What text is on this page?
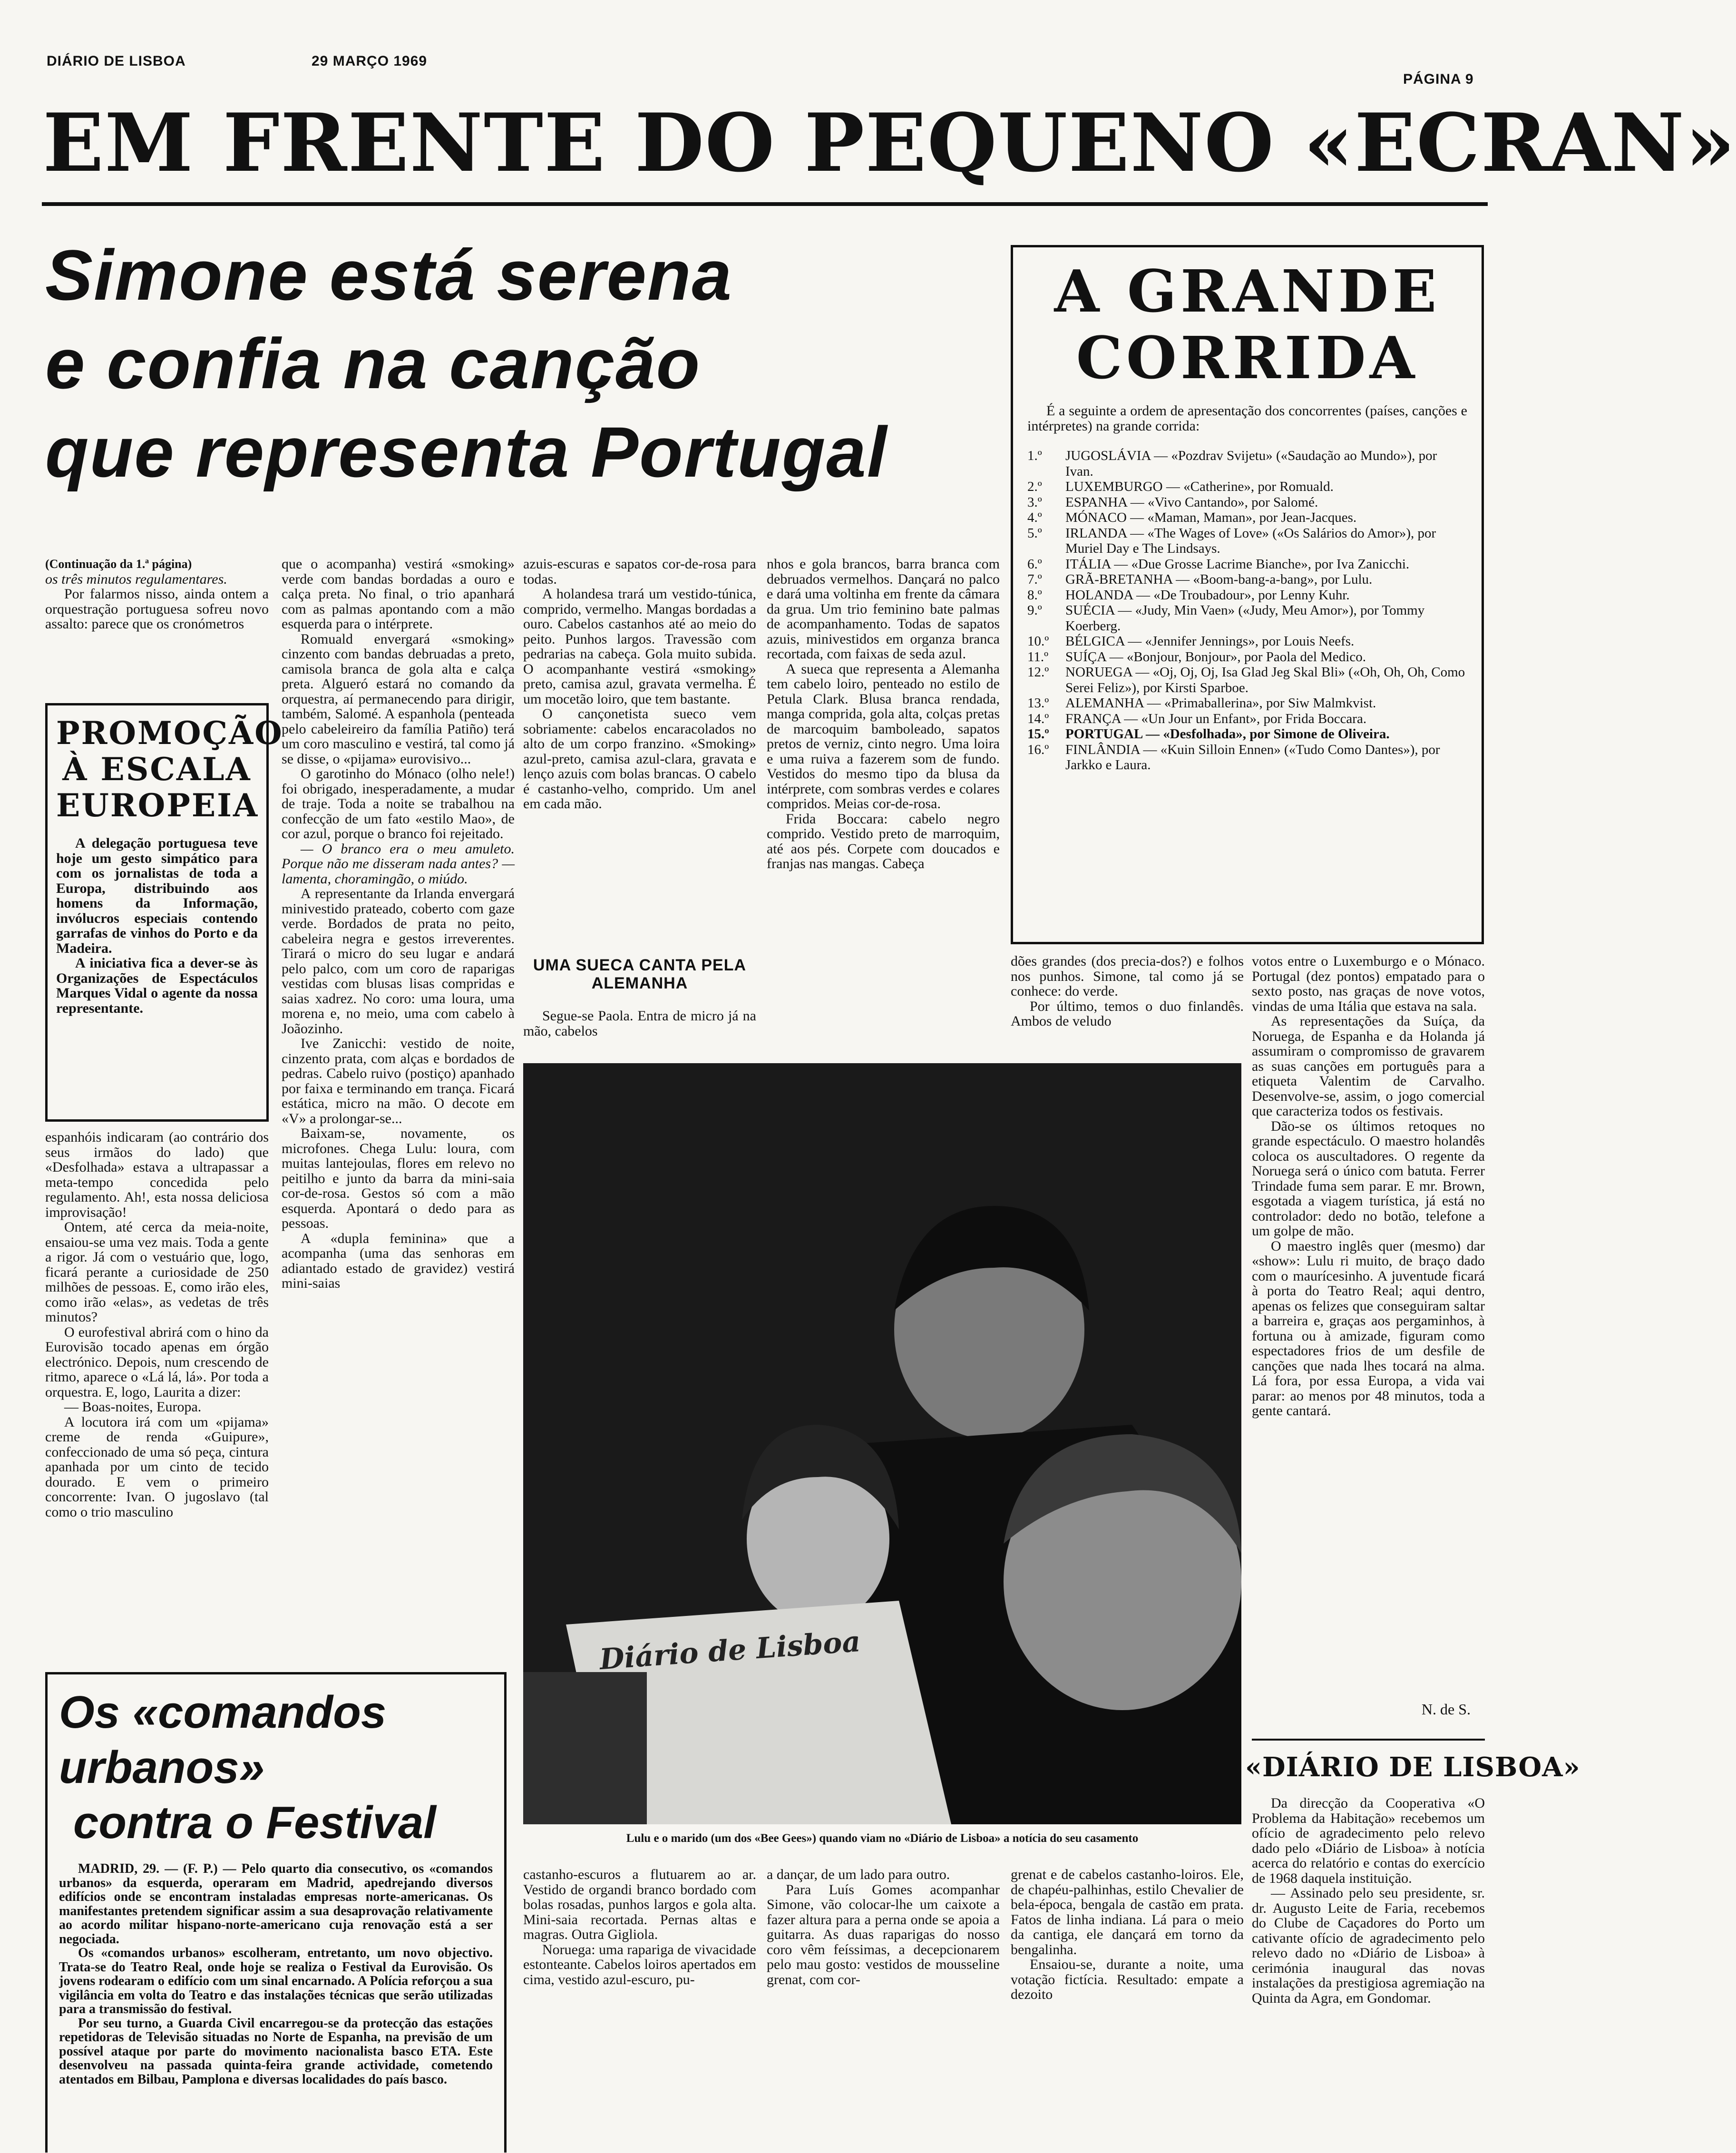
DIÁRIO DE LISBOA	29 MARÇO 1969
PÁGINA 9
EM FRENTE DO PEQUENO «ECRAN»
Simone está serena
e confia na canção
que representa Portugal

(Continuação da 1.ª página)

os três minutos regulamentares.

Por falarmos nisso, ainda ontem a orquestração portuguesa sofreu novo assalto: parece que os cronómetros

PROMOÇÃO
À ESCALA
EUROPEIA

A delegação portuguesa teve hoje um gesto simpático para com os jornalistas de toda a Europa, distribuindo aos homens da Informação, invólucros especiais contendo garrafas de vinhos do Porto e da Madeira.

A iniciativa fica a dever-se às Organizações de Espectáculos Marques Vidal o agente da nossa representante.

espanhóis indicaram (ao contrário dos seus irmãos do lado) que «Desfolhada» estava a ultrapassar a meta-tempo concedida pelo regulamento. Ah!, esta nossa deliciosa improvisação!

Ontem, até cerca da meia-noite, ensaiou-se uma vez mais. Toda a gente a rigor. Já com o vestuário que, logo, ficará perante a curiosidade de 250 milhões de pessoas. E, como irão eles, como irão «elas», as vedetas de três minutos?

O eurofestival abrirá com o hino da Eurovisão tocado apenas em órgão electrónico. Depois, num crescendo de ritmo, aparece o «Lá lá, lá». Por toda a orquestra. E, logo, Laurita a dizer:

— Boas-noites, Europa.

A locutora irá com um «pijama» creme de renda «Guipure», confeccionado de uma só peça, cintura apanhada por um cinto de tecido dourado. E vem o primeiro concorrente: Ivan. O jugoslavo (tal como o trio masculino

que o acompanha) vestirá «smoking» verde com bandas bordadas a ouro e calça preta. No final, o trio apanhará com as palmas apontando com a mão esquerda para o intérprete.

Romuald envergará «smoking» cinzento com bandas debruadas a preto, camisola branca de gola alta e calça preta. Algueró estará no comando da orquestra, aí permanecendo para dirigir, também, Salomé. A espanhola (penteada pelo cabeleireiro da família Patiño) terá um coro masculino e vestirá, tal como já se disse, o «pijama» eurovisivo...

O garotinho do Mónaco (olho nele!) foi obrigado, inesperadamente, a mudar de traje. Toda a noite se trabalhou na confecção de um fato «estilo Mao», de cor azul, porque o branco foi rejeitado.

— O branco era o meu amuleto. Porque não me disseram nada antes? — lamenta, choramingão, o miúdo.

A representante da Irlanda envergará minivestido prateado, coberto com gaze verde. Bordados de prata no peito, cabeleira negra e gestos irreverentes. Tirará o micro do seu lugar e andará pelo palco, com um coro de raparigas vestidas com blusas lisas compridas e saias xadrez. No coro: uma loura, uma morena e, no meio, uma com cabelo à Joãozinho.

Ive Zanicchi: vestido de noite, cinzento prata, com alças e bordados de pedras. Cabelo ruivo (postiço) apanhado por faixa e terminando em trança. Ficará estática, micro na mão. O decote em «V» a prolongar-se...

Baixam-se, novamente, os microfones. Chega Lulu: loura, com muitas lantejoulas, flores em relevo no peitilho e junto da barra da mini-saia cor-de-rosa. Gestos só com a mão esquerda. Apontará o dedo para as pessoas.

A «dupla feminina» que a acompanha (uma das senhoras em adiantado estado de gravidez) vestirá mini-saias

azuis-escuras e sapatos cor-de-rosa para todas.

A holandesa trará um vestido-túnica, comprido, vermelho. Mangas bordadas a ouro. Cabelos castanhos até ao meio do peito. Punhos largos. Travessão com pedrarias na cabeça. Gola muito subida. O acompanhante vestirá «smoking» preto, camisa azul, gravata vermelha. É um mocetão loiro, que tem bastante.

O cançonetista sueco vem sobriamente: cabelos encaracolados no alto de um corpo franzino. «Smoking» azul-preto, camisa azul-clara, gravata e lenço azuis com bolas brancas. O cabelo é castanho-velho, comprido. Um anel em cada mão.

UMA SUECA CANTA PELA ALEMANHA

Segue-se Paola. Entra de micro já na mão, cabelos

nhos e gola brancos, barra branca com debruados vermelhos. Dançará no palco e dará uma voltinha em frente da câmara da grua. Um trio feminino bate palmas de acompanhamento. Todas de sapatos azuis, minivestidos em organza branca recortada, com faixas de seda azul.

A sueca que representa a Alemanha tem cabelo loiro, penteado no estilo de Petula Clark. Blusa branca rendada, manga comprida, gola alta, colças pretas de marcoquim bamboleado, sapatos pretos de verniz, cinto negro. Uma loira e uma ruiva a fazerem som de fundo. Vestidos do mesmo tipo da blusa da intérprete, com sombras verdes e colares compridos. Meias cor-de-rosa.

Frida Boccara: cabelo negro comprido. Vestido preto de marroquim, até aos pés. Corpete com doucados e franjas nas mangas. Cabeça

A GRANDE
CORRIDA
É a seguinte a ordem de apresentação dos concorrentes (países, canções e intérpretes) na grande corrida:
1.º	JUGOSLÁVIA — «Pozdrav Svijetu» («Saudação ao Mundo»), por Ivan.
2.º	LUXEMBURGO — «Catherine», por Romuald.
3.º	ESPANHA — «Vivo Cantando», por Salomé.
4.º	MÓNACO — «Maman, Maman», por Jean-Jacques.
5.º	IRLANDA — «The Wages of Love» («Os Salários do Amor»), por Muriel Day e The Lindsays.
6.º	ITÁLIA — «Due Grosse Lacrime Bianche», por Iva Zanicchi.
7.º	GRÃ-BRETANHA — «Boom-bang-a-bang», por Lulu.
8.º	HOLANDA — «De Troubadour», por Lenny Kuhr.
9.º	SUÉCIA — «Judy, Min Vaen» («Judy, Meu Amor»), por Tommy Koerberg.
10.º	BÉLGICA — «Jennifer Jennings», por Louis Neefs.
11.º	SUÍÇA — «Bonjour, Bonjour», por Paola del Medico.
12.º	NORUEGA — «Oj, Oj, Oj, Isa Glad Jeg Skal Bli» («Oh, Oh, Oh, Como Serei Feliz»), por Kirsti Sparboe.
13.º	ALEMANHA — «Primaballerina», por Siw Malmkvist.
14.º	FRANÇA — «Un Jour un Enfant», por Frida Boccara.
15.º	PORTUGAL — «Desfolhada», por Simone de Oliveira.
16.º	FINLÂNDIA — «Kuin Silloin Ennen» («Tudo Como Dantes»), por Jarkko e Laura.

dões grandes (dos precia-dos?) e folhos nos punhos. Simone, tal como já se conhece: do verde.

Por último, temos o duo finlandês. Ambos de veludo

votos entre o Luxemburgo e o Mónaco. Portugal (dez pontos) empatado para o sexto posto, nas graças de nove votos, vindas de uma Itália que estava na sala.

As representações da Suíça, da Noruega, de Espanha e da Holanda já assumiram o compromisso de gravarem as suas canções em português para a etiqueta Valentim de Carvalho. Desenvolve-se, assim, o jogo comercial que caracteriza todos os festivais.

Dão-se os últimos retoques no grande espectáculo. O maestro holandês coloca os auscultadores. O regente da Noruega será o único com batuta. Ferrer Trindade fuma sem parar. E mr. Brown, esgotada a viagem turística, já está no controlador: dedo no botão, telefone a um golpe de mão.

O maestro inglês quer (mesmo) dar «show»: Lulu ri muito, de braço dado com o maurícesinho. A juventude ficará à porta do Teatro Real; aqui dentro, apenas os felizes que conseguiram saltar a barreira e, graças aos pergaminhos, à fortuna ou à amizade, figuram como espectadores frios de um desfile de canções que nada lhes tocará na alma. Lá fora, por essa Europa, a vida vai parar: ao menos por 48 minutos, toda a gente cantará.

N. de S.
Diário de Lisboa
Lulu e o marido (um dos «Bee Gees») quando viam no «Diário de Lisboa» a notícia do seu casamento
Os «comandos urbanos»
contra o Festival

MADRID, 29. — (F. P.) — Pelo quarto dia consecutivo, os «comandos urbanos» da esquerda, operaram em Madrid, apedrejando diversos edifícios onde se encontram instaladas empresas norte-americanas. Os manifestantes pretendem significar assim a sua desaprovação relativamente ao acordo militar hispano-norte-americano cuja renovação está a ser negociada.

Os «comandos urbanos» escolheram, entretanto, um novo objectivo. Trata-se do Teatro Real, onde hoje se realiza o Festival da Eurovisão. Os jovens rodearam o edifício com um sinal encarnado. A Polícia reforçou a sua vigilância em volta do Teatro e das instalações técnicas que serão utilizadas para a transmissão do festival.

Por seu turno, a Guarda Civil encarregou-se da protecção das estações repetidoras de Televisão situadas no Norte de Espanha, na previsão de um possível ataque por parte do movimento nacionalista basco ETA. Este desenvolveu na passada quinta-feira grande actividade, cometendo atentados em Bilbau, Pamplona e diversas localidades do país basco.

castanho-escuros a flutuarem ao ar. Vestido de organdi branco bordado com bolas rosadas, punhos largos e gola alta. Mini-saia recortada. Pernas altas e magras. Outra Gigliola.

Noruega: uma rapariga de vivacidade estonteante. Cabelos loiros apertados em cima, vestido azul-escuro, pu-

a dançar, de um lado para outro.

Para Luís Gomes acompanhar Simone, vão colocar-lhe um caixote a fazer altura para a perna onde se apoia a guitarra. As duas raparigas do nosso coro vêm feíssimas, a decepcionarem pelo mau gosto: vestidos de mousseline grenat, com cor-

grenat e de cabelos castanho-loiros. Ele, de chapéu-palhinhas, estilo Chevalier de bela-época, bengala de castão em prata. Fatos de linha indiana. Lá para o meio da cantiga, ele dançará em torno da bengalinha.

Ensaiou-se, durante a noite, uma votação fictícia. Resultado: empate a dezoito

«DIÁRIO DE LISBOA»

Da direcção da Cooperativa «O Problema da Habitação» recebemos um ofício de agradecimento pelo relevo dado pelo «Diário de Lisboa» à notícia acerca do relatório e contas do exercício de 1968 daquela instituição.

— Assinado pelo seu presidente, sr. dr. Augusto Leite de Faria, recebemos do Clube de Caçadores do Porto um cativante ofício de agradecimento pelo relevo dado no «Diário de Lisboa» à cerimónia inaugural das novas instalações da prestigiosa agremiação na Quinta da Agra, em Gondomar.
